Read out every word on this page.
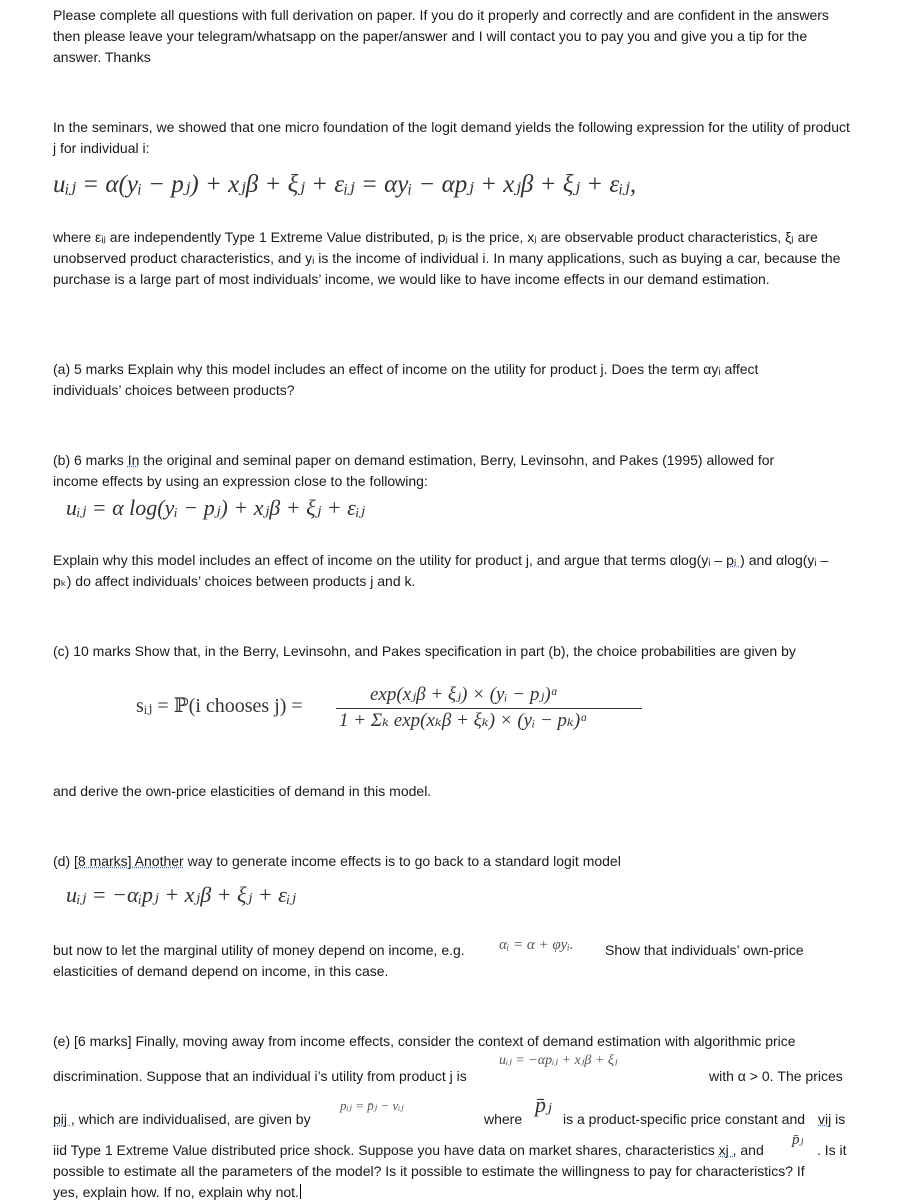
Please complete all questions with full derivation on paper. If you do it properly and correctly and are confident in the answers then please leave your telegram/whatsapp on the paper/answer and I will contact you to pay you and give you a tip for the answer. Thanks

In the seminars, we showed that one micro foundation of the logit demand yields the following expression for the utility of product j for individual i:

uᵢⱼ = α(yᵢ − pⱼ) + xⱼβ + ξⱼ + εᵢⱼ = αyᵢ − αpⱼ + xⱼβ + ξⱼ + εᵢⱼ,

where εᵢⱼ are independently Type 1 Extreme Value distributed, pⱼ is the price, xⱼ are observable product characteristics, ξⱼ are unobserved product characteristics, and yᵢ is the income of individual i. In many applications, such as buying a car, because the purchase is a large part of most individuals’ income, we would like to have income effects in our demand estimation.

(a) 5 marks Explain why this model includes an effect of income on the utility for product j. Does the term αyᵢ affect individuals’ choices between products?

(b) 6 marks In the original and seminal paper on demand estimation, Berry, Levinsohn, and Pakes (1995) allowed for income effects by using an expression close to the following:

uᵢⱼ = α log(yᵢ − pⱼ) + xⱼβ + ξⱼ + εᵢⱼ

Explain why this model includes an effect of income on the utility for product j, and argue that terms αlog(yᵢ – pⱼ ) and αlog(yᵢ – pₖ) do affect individuals’ choices between products j and k.

(c) 10 marks Show that, in the Berry, Levinsohn, and Pakes specification in part (b), the choice probabilities are given by

sᵢⱼ = ℙ(i chooses j) =
exp(xⱼβ + ξⱼ) × (yᵢ − pⱼ)ᵅ
1 + Σₖ exp(xₖβ + ξₖ) × (yᵢ − pₖ)ᵅ

and derive the own-price elasticities of demand in this model.

(d) [8 marks] Another way to generate income effects is to go back to a standard logit model

uᵢⱼ = −αᵢpⱼ + xⱼβ + ξⱼ + εᵢⱼ
but now to let the marginal utility of money depend on income, e.g. αᵢ = α + φyᵢ. Show that individuals’ own-price
elasticities of demand depend on income, in this case.
(e) [6 marks] Finally, moving away from income effects, consider the context of demand estimation with algorithmic price
uᵢⱼ = −αpᵢⱼ + xⱼβ + ξⱼ
discrimination. Suppose that an individual i’s utility from product j is	with α > 0. The prices
pᵢⱼ = p̄ⱼ − vᵢⱼ
pij , which are individualised, are given by	where
p̄ⱼ
is a product-specific price constant and vij is
iid Type 1 Extreme Value distributed price shock. Suppose you have data on market shares, characteristics xj , and
p̄ⱼ
. Is it
possible to estimate all the parameters of the model? Is it possible to estimate the willingness to pay for characteristics? If
yes, explain how. If no, explain why not.
